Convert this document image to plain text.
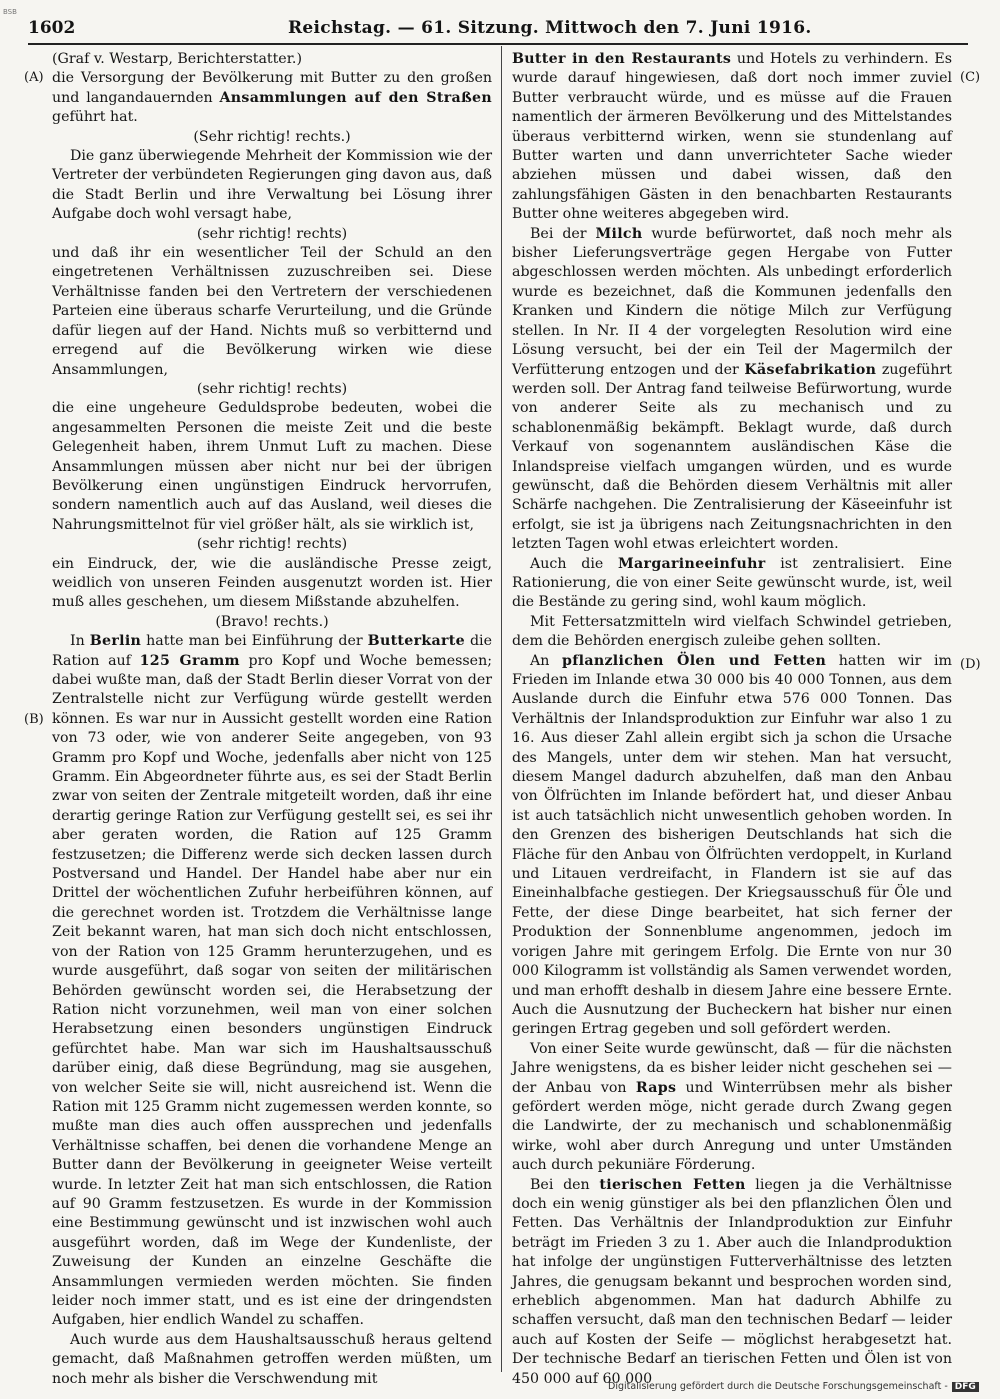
BSB
1602	Reichstag. — 61. Sitzung. Mittwoch den 7. Juni 1916.
(A)
(B)
(C)
(D)

(Graf v. Westarp, Berichterstatter.)

die Versorgung der Bevölkerung mit Butter zu den großen und langandauernden Ansammlungen auf den Straßen geführt hat.

(Sehr richtig! rechts.)

Die ganz überwiegende Mehrheit der Kommission wie der Vertreter der verbündeten Regierungen ging davon aus, daß die Stadt Berlin und ihre Verwaltung bei Lösung ihrer Aufgabe doch wohl versagt habe,

(sehr richtig! rechts)

und daß ihr ein wesentlicher Teil der Schuld an den eingetretenen Verhältnissen zuzuschreiben sei. Diese Verhältnisse fanden bei den Vertretern der verschiedenen Parteien eine überaus scharfe Verurteilung, und die Gründe dafür liegen auf der Hand. Nichts muß so verbitternd und erregend auf die Bevölkerung wirken wie diese Ansammlungen,

(sehr richtig! rechts)

die eine ungeheure Geduldsprobe bedeuten, wobei die angesammelten Personen die meiste Zeit und die beste Gelegenheit haben, ihrem Unmut Luft zu machen. Diese Ansammlungen müssen aber nicht nur bei der übrigen Bevölkerung einen ungünstigen Eindruck hervorrufen, sondern namentlich auch auf das Ausland, weil dieses die Nahrungsmittelnot für viel größer hält, als sie wirklich ist,

(sehr richtig! rechts)

ein Eindruck, der, wie die ausländische Presse zeigt, weidlich von unseren Feinden ausgenutzt worden ist. Hier muß alles geschehen, um diesem Mißstande abzuhelfen.

(Bravo! rechts.)

In Berlin hatte man bei Einführung der Butterkarte die Ration auf 125 Gramm pro Kopf und Woche bemessen; dabei wußte man, daß der Stadt Berlin dieser Vorrat von der Zentralstelle nicht zur Verfügung würde gestellt werden können. Es war nur in Aussicht gestellt worden eine Ration von 73 oder, wie von anderer Seite angegeben, von 93 Gramm pro Kopf und Woche, jedenfalls aber nicht von 125 Gramm. Ein Abgeordneter führte aus, es sei der Stadt Berlin zwar von seiten der Zentrale mitgeteilt worden, daß ihr eine derartig geringe Ration zur Verfügung gestellt sei, es sei ihr aber geraten worden, die Ration auf 125 Gramm festzusetzen; die Differenz werde sich decken lassen durch Postversand und Handel. Der Handel habe aber nur ein Drittel der wöchentlichen Zufuhr herbeiführen können, auf die gerechnet worden ist. Trotzdem die Verhältnisse lange Zeit bekannt waren, hat man sich doch nicht entschlossen, von der Ration von 125 Gramm herunterzugehen, und es wurde ausgeführt, daß sogar von seiten der militärischen Behörden gewünscht worden sei, die Herabsetzung der Ration nicht vorzunehmen, weil man von einer solchen Herabsetzung einen besonders ungünstigen Eindruck gefürchtet habe. Man war sich im Haushaltsausschuß darüber einig, daß diese Begründung, mag sie ausgehen, von welcher Seite sie will, nicht ausreichend ist. Wenn die Ration mit 125 Gramm nicht zugemessen werden konnte, so mußte man dies auch offen aussprechen und jedenfalls Verhältnisse schaffen, bei denen die vorhandene Menge an Butter dann der Bevölkerung in geeigneter Weise verteilt wurde. In letzter Zeit hat man sich entschlossen, die Ration auf 90 Gramm festzusetzen. Es wurde in der Kommission eine Bestimmung gewünscht und ist inzwischen wohl auch ausgeführt worden, daß im Wege der Kundenliste, der Zuweisung der Kunden an einzelne Geschäfte die Ansammlungen vermieden werden möchten. Sie finden leider noch immer statt, und es ist eine der dringendsten Aufgaben, hier endlich Wandel zu schaffen.

Auch wurde aus dem Haushaltsausschuß heraus geltend gemacht, daß Maßnahmen getroffen werden müßten, um noch mehr als bisher die Verschwendung mit

Butter in den Restaurants und Hotels zu verhindern. Es wurde darauf hingewiesen, daß dort noch immer zuviel Butter verbraucht würde, und es müsse auf die Frauen namentlich der ärmeren Bevölkerung und des Mittelstandes überaus verbitternd wirken, wenn sie stundenlang auf Butter warten und dann unverrichteter Sache wieder abziehen müssen und dabei wissen, daß den zahlungsfähigen Gästen in den benachbarten Restaurants Butter ohne weiteres abgegeben wird.

Bei der Milch wurde befürwortet, daß noch mehr als bisher Lieferungsverträge gegen Hergabe von Futter abgeschlossen werden möchten. Als unbedingt erforderlich wurde es bezeichnet, daß die Kommunen jedenfalls den Kranken und Kindern die nötige Milch zur Verfügung stellen. In Nr. II 4 der vorgelegten Resolution wird eine Lösung versucht, bei der ein Teil der Magermilch der Verfütterung entzogen und der Käsefabrikation zugeführt werden soll. Der Antrag fand teilweise Befürwortung, wurde von anderer Seite als zu mechanisch und zu schablonenmäßig bekämpft. Beklagt wurde, daß durch Verkauf von sogenanntem ausländischen Käse die Inlandspreise vielfach umgangen würden, und es wurde gewünscht, daß die Behörden diesem Verhältnis mit aller Schärfe nachgehen. Die Zentralisierung der Käseeinfuhr ist erfolgt, sie ist ja übrigens nach Zeitungsnachrichten in den letzten Tagen wohl etwas erleichtert worden.

Auch die Margarineeinfuhr ist zentralisiert. Eine Rationierung, die von einer Seite gewünscht wurde, ist, weil die Bestände zu gering sind, wohl kaum möglich.

Mit Fettersatzmitteln wird vielfach Schwindel getrieben, dem die Behörden energisch zuleibe gehen sollten.

An pflanzlichen Ölen und Fetten hatten wir im Frieden im Inlande etwa 30 000 bis 40 000 Tonnen, aus dem Auslande durch die Einfuhr etwa 576 000 Tonnen. Das Verhältnis der Inlandsproduktion zur Einfuhr war also 1 zu 16. Aus dieser Zahl allein ergibt sich ja schon die Ursache des Mangels, unter dem wir stehen. Man hat versucht, diesem Mangel dadurch abzuhelfen, daß man den Anbau von Ölfrüchten im Inlande befördert hat, und dieser Anbau ist auch tatsächlich nicht unwesentlich gehoben worden. In den Grenzen des bisherigen Deutschlands hat sich die Fläche für den Anbau von Ölfrüchten verdoppelt, in Kurland und Litauen verdreifacht, in Flandern ist sie auf das Eineinhalbfache gestiegen. Der Kriegsausschuß für Öle und Fette, der diese Dinge bearbeitet, hat sich ferner der Produktion der Sonnenblume angenommen, jedoch im vorigen Jahre mit geringem Erfolg. Die Ernte von nur 30 000 Kilogramm ist vollständig als Samen verwendet worden, und man erhofft deshalb in diesem Jahre eine bessere Ernte. Auch die Ausnutzung der Bucheckern hat bisher nur einen geringen Ertrag gegeben und soll gefördert werden.

Von einer Seite wurde gewünscht, daß — für die nächsten Jahre wenigstens, da es bisher leider nicht geschehen sei — der Anbau von Raps und Winterrübsen mehr als bisher gefördert werden möge, nicht gerade durch Zwang gegen die Landwirte, der zu mechanisch und schablonenmäßig wirke, wohl aber durch Anregung und unter Umständen auch durch pekuniäre Förderung.

Bei den tierischen Fetten liegen ja die Verhältnisse doch ein wenig günstiger als bei den pflanzlichen Ölen und Fetten. Das Verhältnis der Inlandproduktion zur Einfuhr beträgt im Frieden 3 zu 1. Aber auch die Inlandproduktion hat infolge der ungünstigen Futterverhältnisse des letzten Jahres, die genugsam bekannt und besprochen worden sind, erheblich abgenommen. Man hat dadurch Abhilfe zu schaffen versucht, daß man den technischen Bedarf — leider auch auf Kosten der Seife — möglichst herabgesetzt hat. Der technische Bedarf an tierischen Fetten und Ölen ist von 450 000 auf 60 000

Digitalisierung gefördert durch die Deutsche Forschungsgemeinschaft - DFG
